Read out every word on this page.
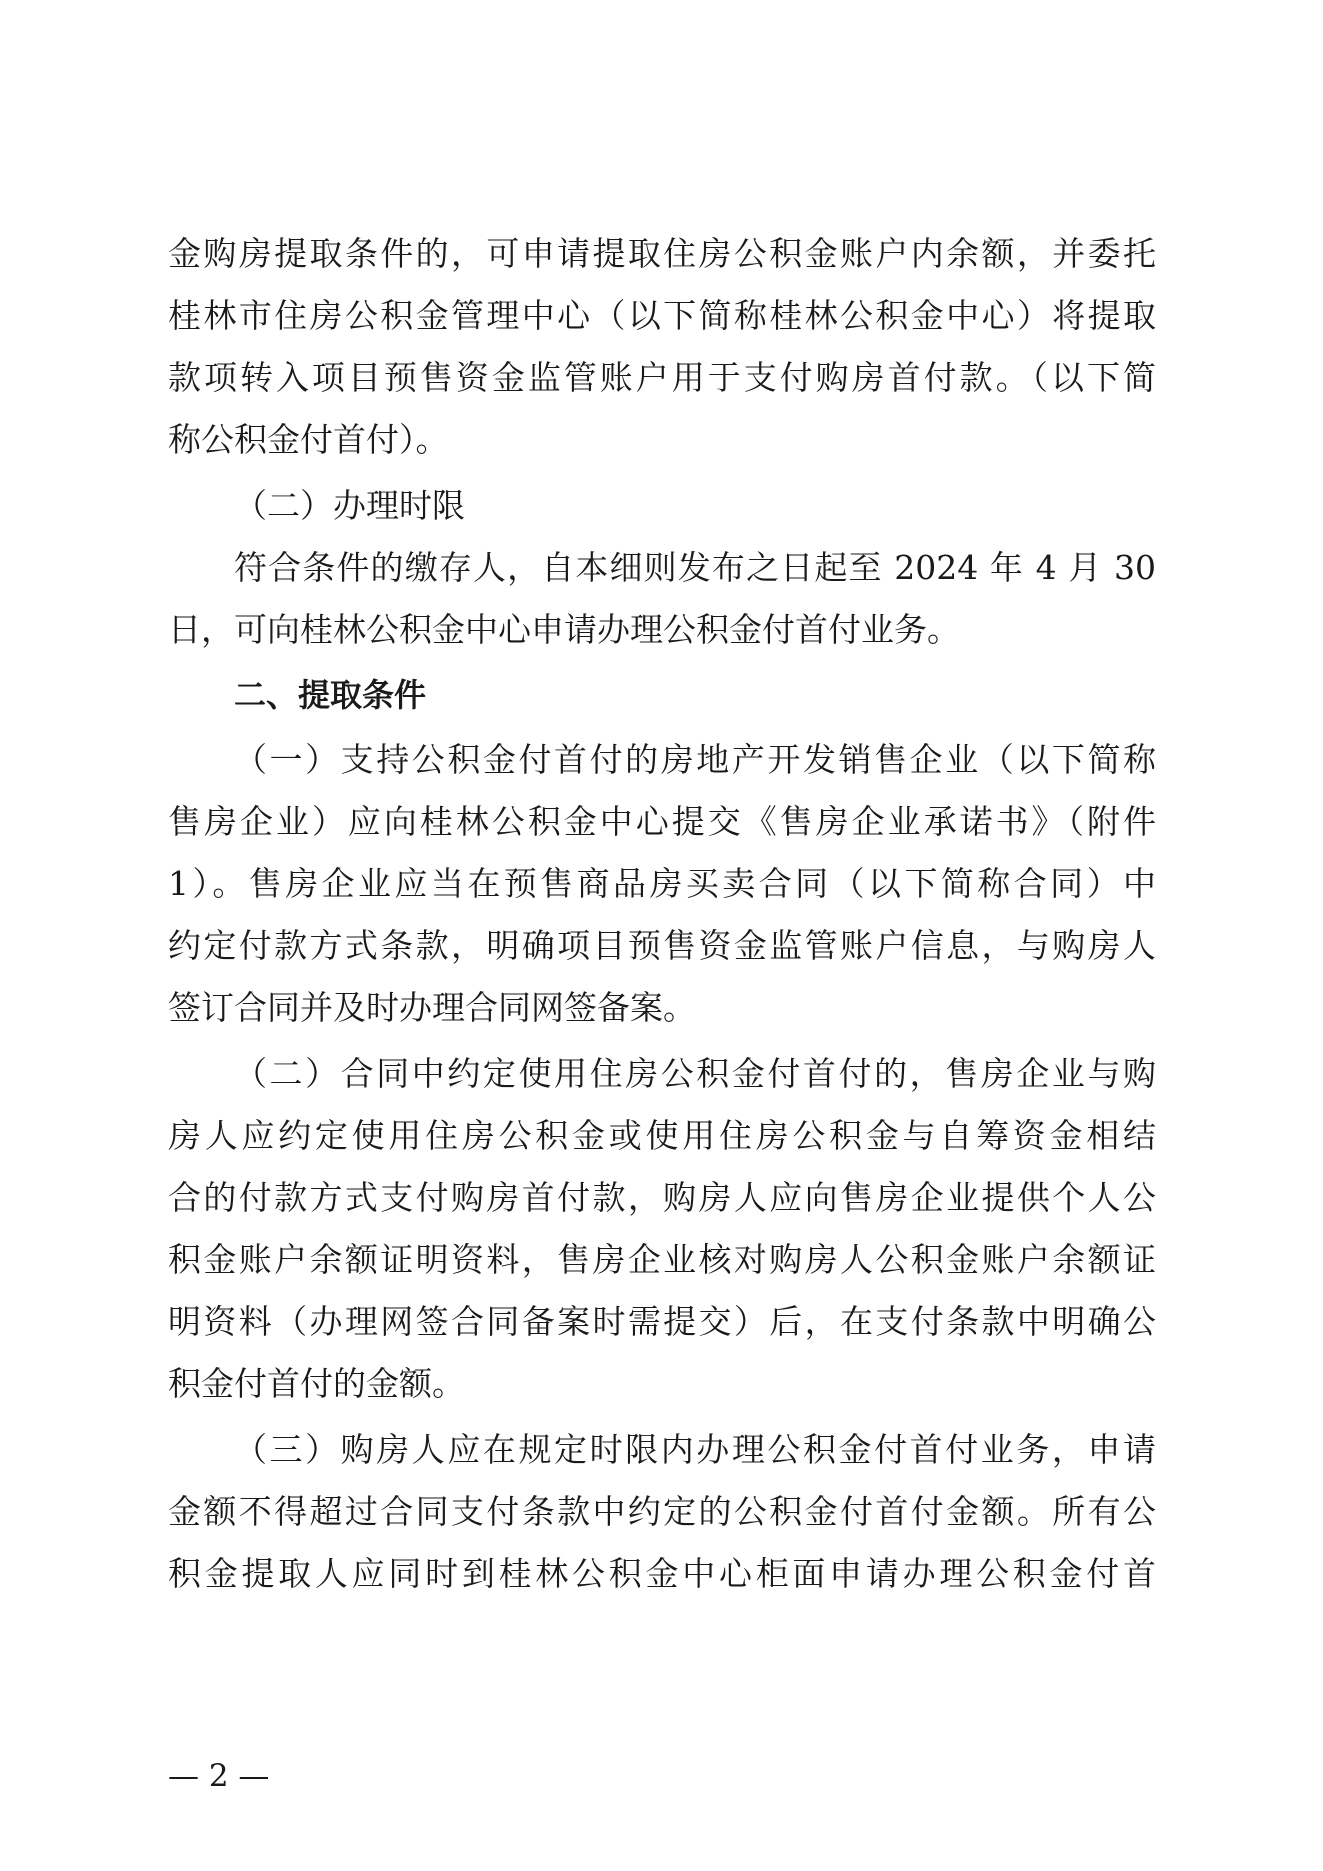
金购房提取条件的，可申请提取住房公积金账户内余额，并委托
桂林市住房公积金管理中心（以下简称桂林公积金中心）将提取
款项转入项目预售资金监管账户用于支付购房首付款。（以下简
称公积金付首付）。
（二）办理时限
符合条件的缴存人，自本细则发布之日起至 2024 年 4 月 30
日，可向桂林公积金中心申请办理公积金付首付业务。
二、提取条件
（一）支持公积金付首付的房地产开发销售企业（以下简称
售房企业）应向桂林公积金中心提交《售房企业承诺书》（附件
1）。售房企业应当在预售商品房买卖合同（以下简称合同）中
约定付款方式条款，明确项目预售资金监管账户信息，与购房人
签订合同并及时办理合同网签备案。
（二）合同中约定使用住房公积金付首付的，售房企业与购
房人应约定使用住房公积金或使用住房公积金与自筹资金相结
合的付款方式支付购房首付款，购房人应向售房企业提供个人公
积金账户余额证明资料，售房企业核对购房人公积金账户余额证
明资料（办理网签合同备案时需提交）后，在支付条款中明确公
积金付首付的金额。
（三）购房人应在规定时限内办理公积金付首付业务，申请
金额不得超过合同支付条款中约定的公积金付首付金额。所有公
积金提取人应同时到桂林公积金中心柜面申请办理公积金付首
— 2 —
